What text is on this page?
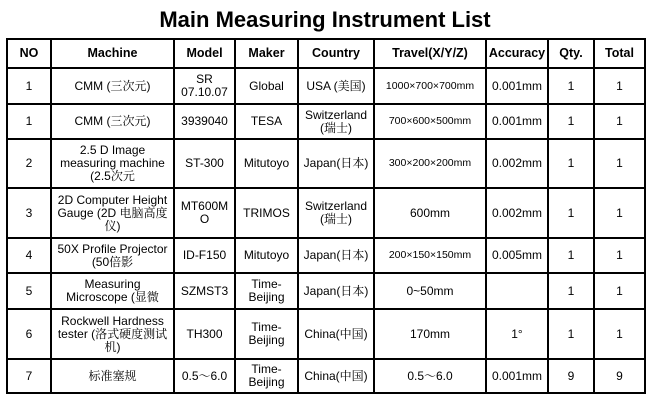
Main Measuring Instrument List
NO	Machine	Model	Maker	Country	Travel(X/Y/Z)	Accuracy	Qty.	Total
1	CMM (三次元)	SR 07.10.07	Global	USA (美国)	1000×700×700mm	0.001mm	1	1
1	CMM (三次元)	3939040	TESA	Switzerland (瑞士)	700×600×500mm	0.001mm	1	1
2	2.5 D Image measuring machine (2.5次元	ST-300	Mitutoyo	Japan(日本)	300×200×200mm	0.002mm	1	1
3	2D Computer Height Gauge (2D 电脑高度仪)	MT600M O	TRIMOS	Switzerland (瑞士)	600mm	0.002mm	1	1
4	50X Profile Projector (50倍影	ID-F150	Mitutoyo	Japan(日本)	200×150×150mm	0.005mm	1	1
5	Measuring Microscope (显微	SZMST3	Time-Beijing	Japan(日本)	0~50mm		1	1
6	Rockwell Hardness tester (洛式硬度测试机)	TH300	Time-Beijing	China(中国)	170mm	1°	1	1
7	标准塞规	0.5～6.0	Time-Beijing	China(中国)	0.5～6.0	0.001mm	9	9
